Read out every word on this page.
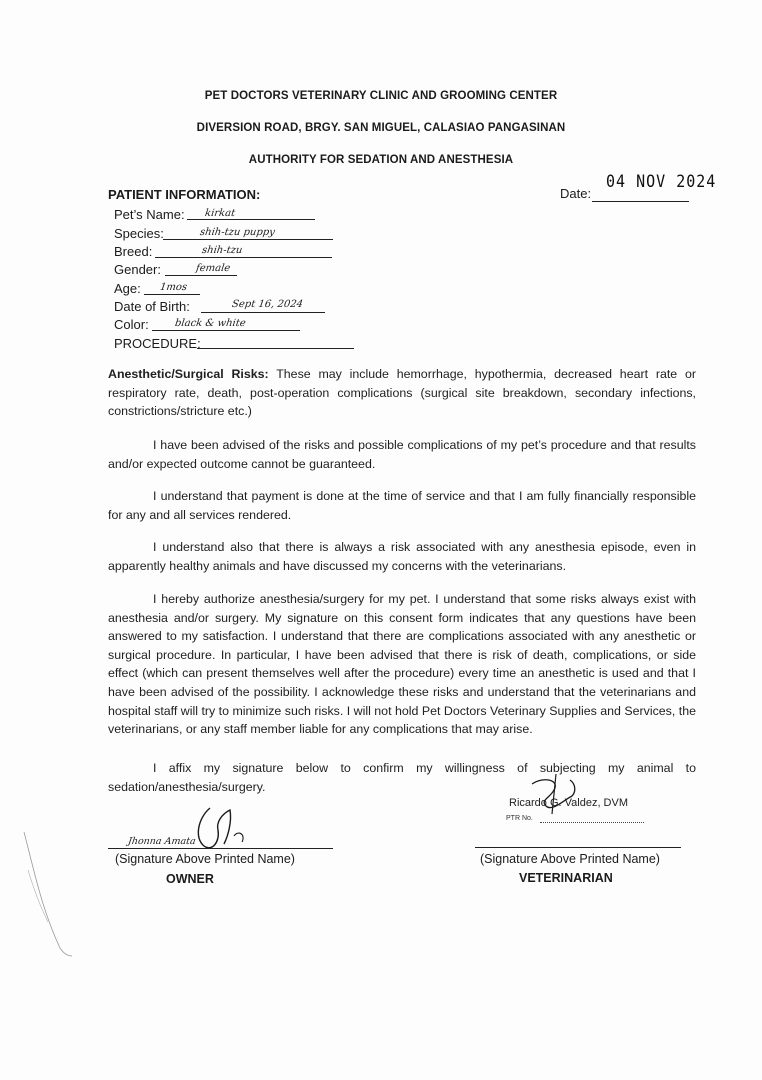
PET DOCTORS VETERINARY CLINIC AND GROOMING CENTER
DIVERSION ROAD, BRGY. SAN MIGUEL, CALASIAO PANGASINAN
AUTHORITY FOR SEDATION AND ANESTHESIA
PATIENT INFORMATION:
04 NOV 2024
Date:
Pet’s Name: kirkat
Species:	shih-tzu puppy
Breed:	shih-tzu
Gender:	female
Age: 1mos
Date of Birth:	Sept 16, 2024
Color:	black & white
PROCEDURE:
Anesthetic/Surgical Risks: These may include hemorrhage, hypothermia, decreased heart rate or respiratory rate, death, post-operation complications (surgical site breakdown, secondary infections, constrictions/stricture etc.)
I have been advised of the risks and possible complications of my pet’s procedure and that results and/or expected outcome cannot be guaranteed.
I understand that payment is done at the time of service and that I am fully financially responsible for any and all services rendered.
I understand also that there is always a risk associated with any anesthesia episode, even in apparently healthy animals and have discussed my concerns with the veterinarians.
I hereby authorize anesthesia/surgery for my pet. I understand that some risks always exist with anesthesia and/or surgery. My signature on this consent form indicates that any questions have been answered to my satisfaction. I understand that there are complications associated with any anesthetic or surgical procedure. In particular, I have been advised that there is risk of death, complications, or side effect (which can present themselves well after the procedure) every time an anesthetic is used and that I have been advised of the possibility. I acknowledge these risks and understand that the veterinarians and hospital staff will try to minimize such risks. I will not hold Pet Doctors Veterinary Supplies and Services, the veterinarians, or any staff member liable for any complications that may arise.
I affix my signature below to confirm my willingness of subjecting my animal to sedation/anesthesia/surgery.
Jhonna Amata
(Signature Above Printed Name)
OWNER
Ricardo G. Valdez, DVM
PTR No.
(Signature Above Printed Name)
VETERINARIAN
